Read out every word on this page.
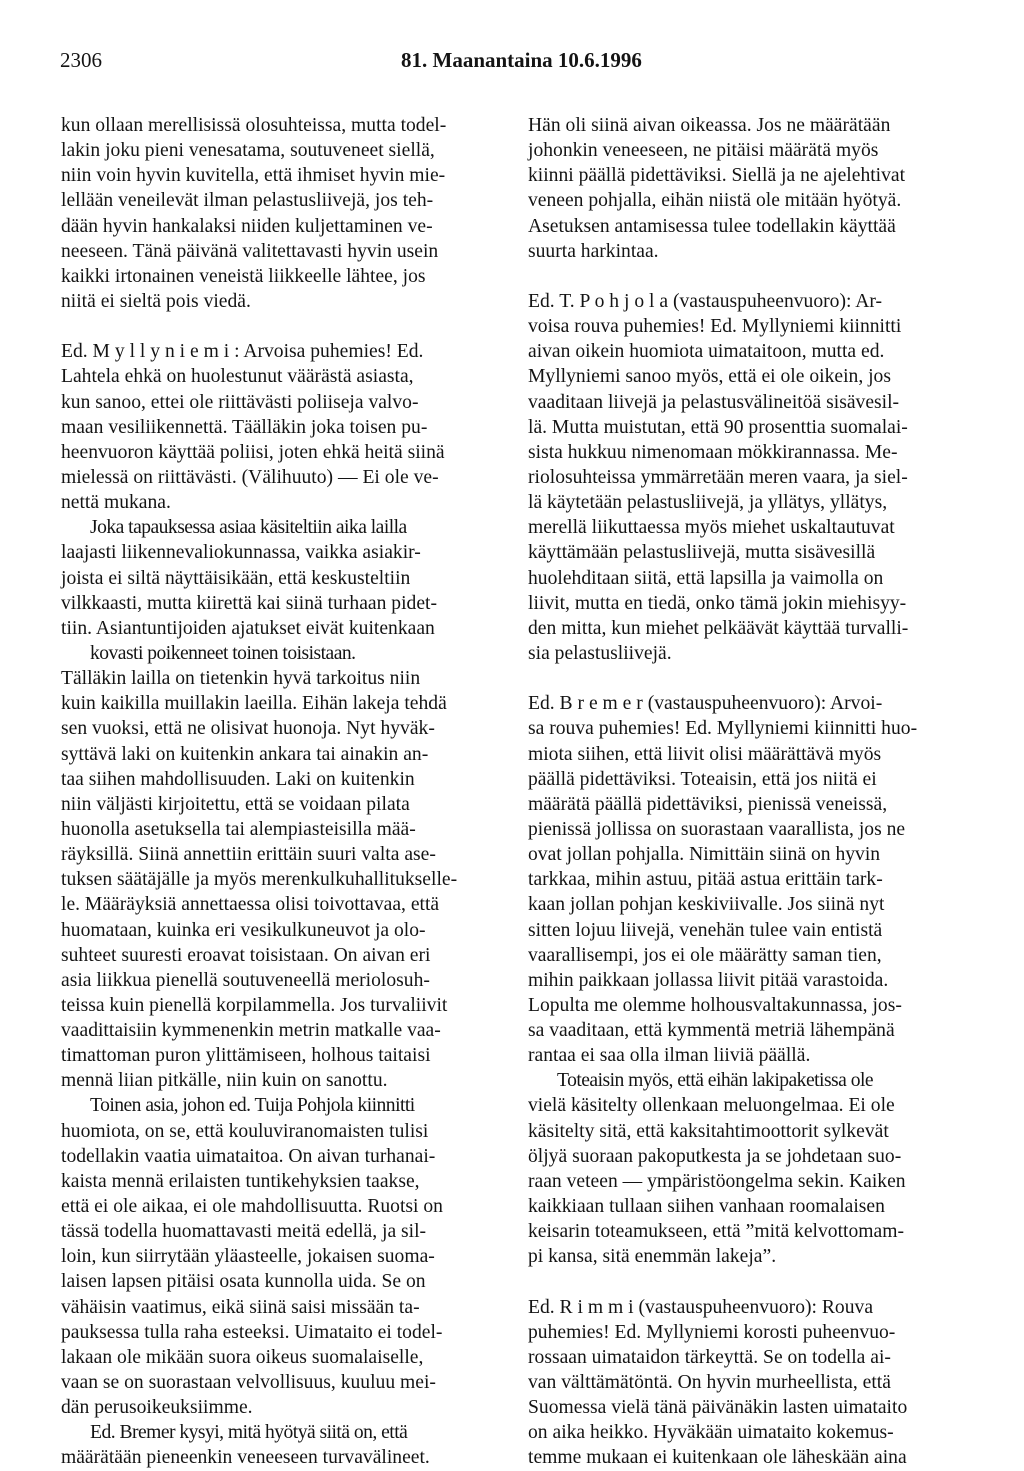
2306	81. Maanantaina 10.6.1996
kun ollaan merellisissä olosuhteissa, mutta todel-
lakin joku pieni venesatama, soutuveneet siellä,
niin voin hyvin kuvitella, että ihmiset hyvin mie-
lellään veneilevät ilman pelastusliivejä, jos teh-
dään hyvin hankalaksi niiden kuljettaminen ve-
neeseen. Tänä päivänä valitettavasti hyvin usein
kaikki irtonainen veneistä liikkeelle lähtee, jos
niitä ei sieltä pois viedä.
Ed. M y l l y n i e m i : Arvoisa puhemies! Ed.
Lahtela ehkä on huolestunut väärästä asiasta,
kun sanoo, ettei ole riittävästi poliiseja valvo-
maan vesiliikennettä. Täälläkin joka toisen pu-
heenvuoron käyttää poliisi, joten ehkä heitä siinä
mielessä on riittävästi. (Välihuuto) — Ei ole ve-
nettä mukana.
Joka tapauksessa asiaa käsiteltiin aika lailla
laajasti liikennevaliokunnassa, vaikka asiakir-
joista ei siltä näyttäisikään, että keskusteltiin
vilkkaasti, mutta kiirettä kai siinä turhaan pidet-
tiin. Asiantuntijoiden ajatukset eivät kuitenkaan
kovasti poikenneet toinen toisistaan.
Tälläkin lailla on tietenkin hyvä tarkoitus niin
kuin kaikilla muillakin laeilla. Eihän lakeja tehdä
sen vuoksi, että ne olisivat huonoja. Nyt hyväk-
syttävä laki on kuitenkin ankara tai ainakin an-
taa siihen mahdollisuuden. Laki on kuitenkin
niin väljästi kirjoitettu, että se voidaan pilata
huonolla asetuksella tai alempiasteisilla mää-
räyksillä. Siinä annettiin erittäin suuri valta ase-
tuksen säätäjälle ja myös merenkulkuhallitukselle-
le. Määräyksiä annettaessa olisi toivottavaa, että
huomataan, kuinka eri vesikulkuneuvot ja olo-
suhteet suuresti eroavat toisistaan. On aivan eri
asia liikkua pienellä soutuveneellä meriolosuh-
teissa kuin pienellä korpilammella. Jos turvaliivit
vaadittaisiin kymmenenkin metrin matkalle vaa-
timattoman puron ylittämiseen, holhous taitaisi
mennä liian pitkälle, niin kuin on sanottu.
Toinen asia, johon ed. Tuija Pohjola kiinnitti
huomiota, on se, että kouluviranomaisten tulisi
todellakin vaatia uimataitoa. On aivan turhanai-
kaista mennä erilaisten tuntikehyksien taakse,
että ei ole aikaa, ei ole mahdollisuutta. Ruotsi on
tässä todella huomattavasti meitä edellä, ja sil-
loin, kun siirrytään yläasteelle, jokaisen suoma-
laisen lapsen pitäisi osata kunnolla uida. Se on
vähäisin vaatimus, eikä siinä saisi missään ta-
pauksessa tulla raha esteeksi. Uimataito ei todel-
lakaan ole mikään suora oikeus suomalaiselle,
vaan se on suorastaan velvollisuus, kuuluu mei-
dän perusoikeuksiimme.
Ed. Bremer kysyi, mitä hyötyä siitä on, että
määrätään pieneenkin veneeseen turvavälineet.
Hän oli siinä aivan oikeassa. Jos ne määrätään
johonkin veneeseen, ne pitäisi määrätä myös
kiinni päällä pidettäviksi. Siellä ja ne ajelehtivat
veneen pohjalla, eihän niistä ole mitään hyötyä.
Asetuksen antamisessa tulee todellakin käyttää
suurta harkintaa.
Ed. T. P o h j o l a (vastauspuheenvuoro): Ar-
voisa rouva puhemies! Ed. Myllyniemi kiinnitti
aivan oikein huomiota uimataitoon, mutta ed.
Myllyniemi sanoo myös, että ei ole oikein, jos
vaaditaan liivejä ja pelastusvälineitöä sisävesil-
lä. Mutta muistutan, että 90 prosenttia suomalai-
sista hukkuu nimenomaan mökkirannassa. Me-
riolosuhteissa ymmärretään meren vaara, ja siel-
lä käytetään pelastusliivejä, ja yllätys, yllätys,
merellä liikuttaessa myös miehet uskaltautuvat
käyttämään pelastusliivejä, mutta sisävesillä
huolehditaan siitä, että lapsilla ja vaimolla on
liivit, mutta en tiedä, onko tämä jokin miehisyy-
den mitta, kun miehet pelkäävät käyttää turvalli-
sia pelastusliivejä.
Ed. B r e m e r (vastauspuheenvuoro): Arvoi-
sa rouva puhemies! Ed. Myllyniemi kiinnitti huo-
miota siihen, että liivit olisi määrättävä myös
päällä pidettäviksi. Toteaisin, että jos niitä ei
määrätä päällä pidettäviksi, pienissä veneissä,
pienissä jollissa on suorastaan vaarallista, jos ne
ovat jollan pohjalla. Nimittäin siinä on hyvin
tarkkaa, mihin astuu, pitää astua erittäin tark-
kaan jollan pohjan keskiviivalle. Jos siinä nyt
sitten lojuu liivejä, venehän tulee vain entistä
vaarallisempi, jos ei ole määrätty saman tien,
mihin paikkaan jollassa liivit pitää varastoida.
Lopulta me olemme holhousvaltakunnassa, jos-
sa vaaditaan, että kymmentä metriä lähempänä
rantaa ei saa olla ilman liiviä päällä.
Toteaisin myös, että eihän lakipaketissa ole
vielä käsitelty ollenkaan meluongelmaa. Ei ole
käsitelty sitä, että kaksitahtimoottorit sylkevät
öljyä suoraan pakoputkesta ja se johdetaan suo-
raan veteen — ympäristöongelma sekin. Kaiken
kaikkiaan tullaan siihen vanhaan roomalaisen
keisarin toteamukseen, että ”mitä kelvottomam-
pi kansa, sitä enemmän lakeja”.
Ed. R i m m i (vastauspuheenvuoro): Rouva
puhemies! Ed. Myllyniemi korosti puheenvuo-
rossaan uimataidon tärkeyttä. Se on todella ai-
van välttämätöntä. On hyvin murheellista, että
Suomessa vielä tänä päivänäkin lasten uimataito
on aika heikko. Hyväkään uimataito kokemus-
temme mukaan ei kuitenkaan ole läheskään aina
